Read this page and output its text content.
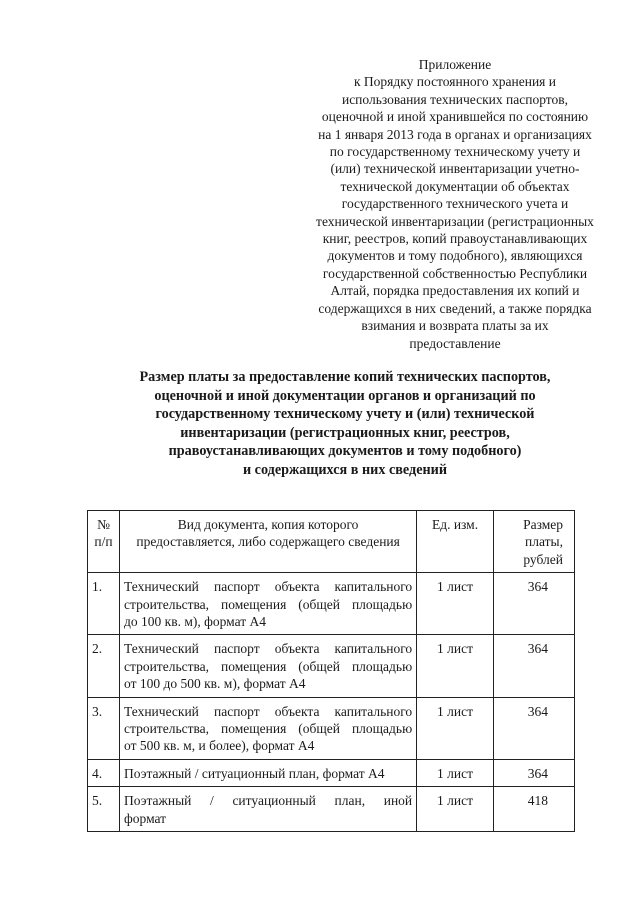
Приложение
к Порядку постоянного хранения и
использования технических паспортов,
оценочной и иной хранившейся по состоянию
на 1 января 2013 года в органах и организациях
по государственному техническому учету и
(или) технической инвентаризации учетно-
технической документации об объектах
государственного технического учета и
технической инвентаризации (регистрационных
книг, реестров, копий правоустанавливающих
документов и тому подобного), являющихся
государственной собственностью Республики
Алтай, порядка предоставления их копий и
содержащихся в них сведений, а также порядка
взимания и возврата платы за их
предоставление
Размер платы за предоставление копий технических паспортов,
оценочной и иной документации органов и организаций по
государственному техническому учету и (или) технической
инвентаризации (регистрационных книг, реестров,
правоустанавливающих документов и тому подобного)
и содержащихся в них сведений
№
п/п	Вид документа, копия которого
предоставляется, либо содержащего сведения	Ед. изм.	Размер
платы,
рублей

1.	Технический паспорт объекта капитального
строительства, помещения (общей площадью
до 100 кв. м), формат А4	1 лист	364
2.	Технический паспорт объекта капитального
строительства, помещения (общей площадью
от 100 до 500 кв. м), формат А4	1 лист	364
3.	Технический паспорт объекта капитального
строительства, помещения (общей площадью
от 500 кв. м, и более), формат А4	1 лист	364
4.	Поэтажный / ситуационный план, формат А4	1 лист	364
5.	Поэтажный / ситуационный план, иной
формат	1 лист	418
